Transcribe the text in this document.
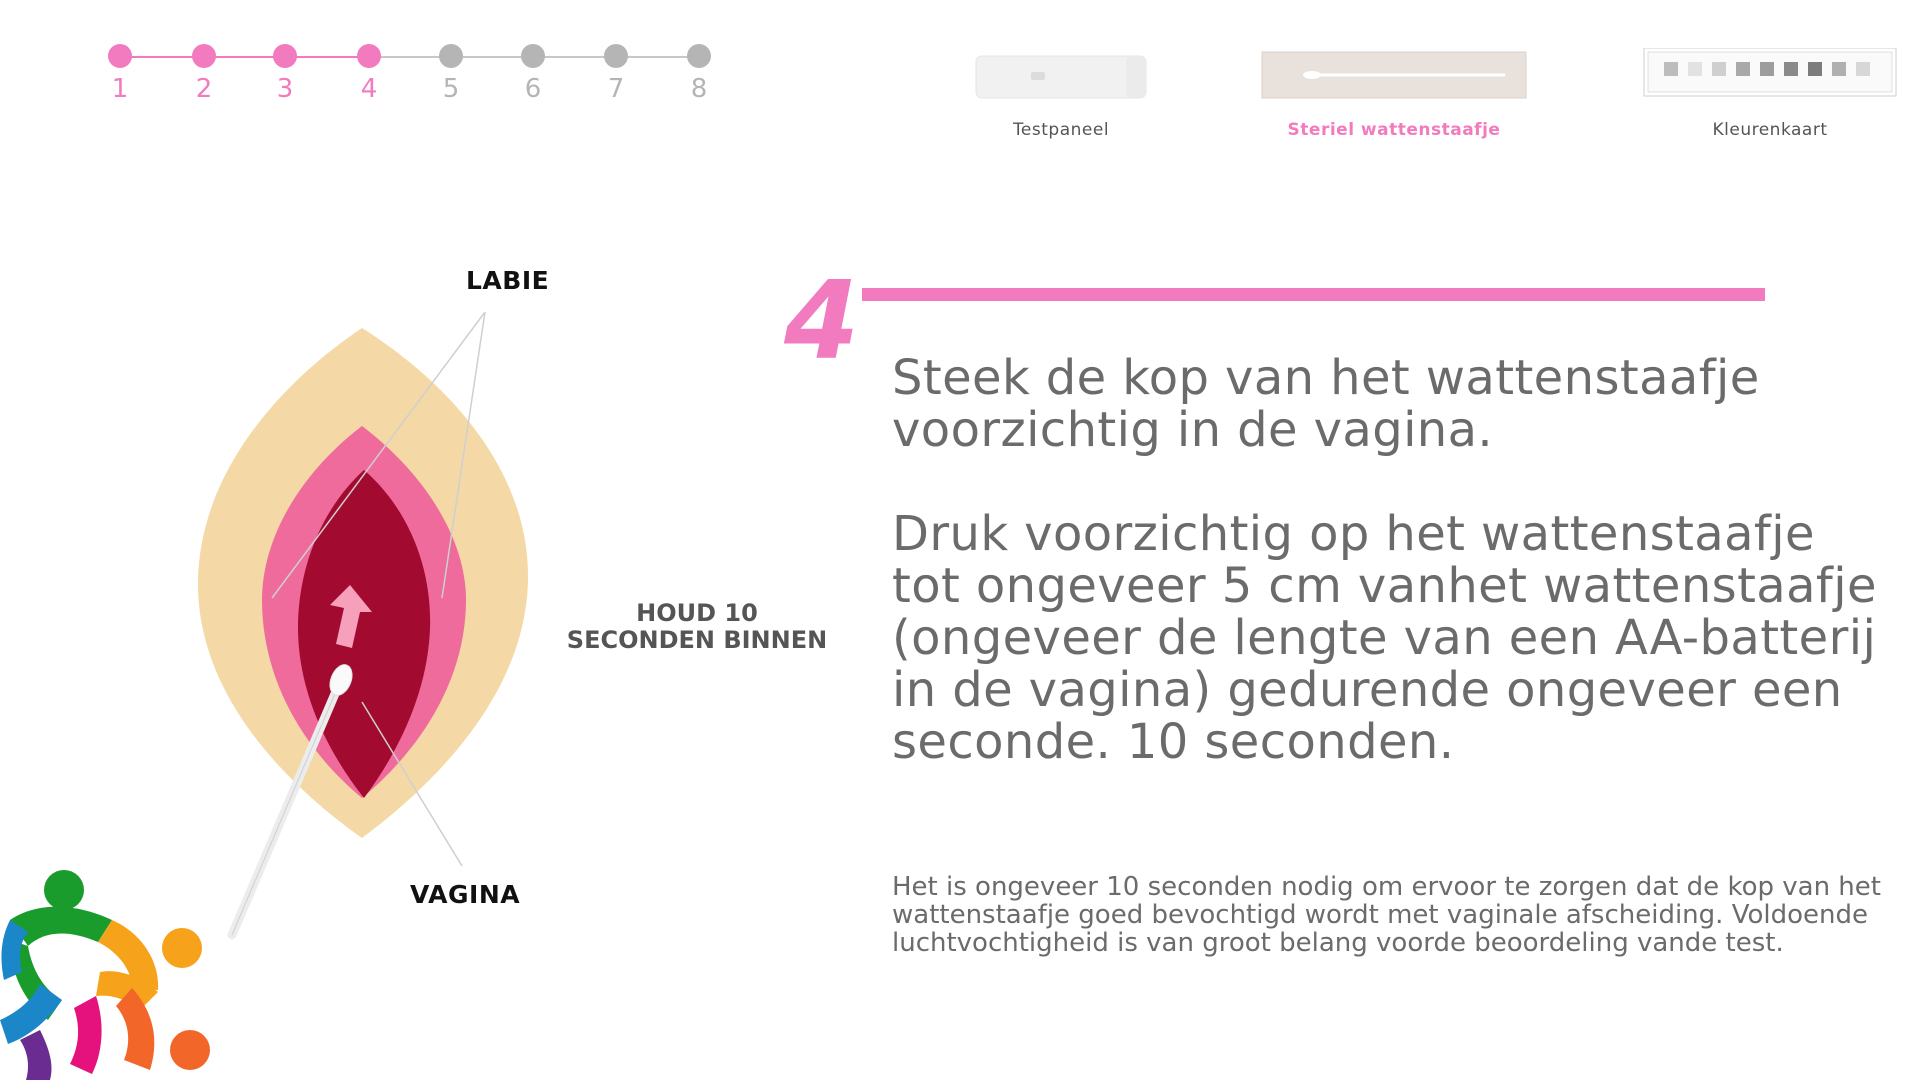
1	2	3	4	5	6	7	8
Testpaneel	Steriel wattenstaafje	Kleurenkaart
LABIE
VAGINA
HOUD 10
SECONDEN BINNEN
4 Steek de kop van het wattenstaafje voorzichtig in de vagina.

Druk voorzichtig op het wattenstaafje tot ongeveer 5 cm vanhet wattenstaafje (ongeveer de lengte van een AA-batterij in de vagina) gedurende ongeveer een seconde. 10 seconden.

Het is ongeveer 10 seconden nodig om ervoor te zorgen dat de kop van het wattenstaafje goed bevochtigd wordt met vaginale afscheiding. Voldoende luchtvochtigheid is van groot belang voorde beoordeling vande test.
